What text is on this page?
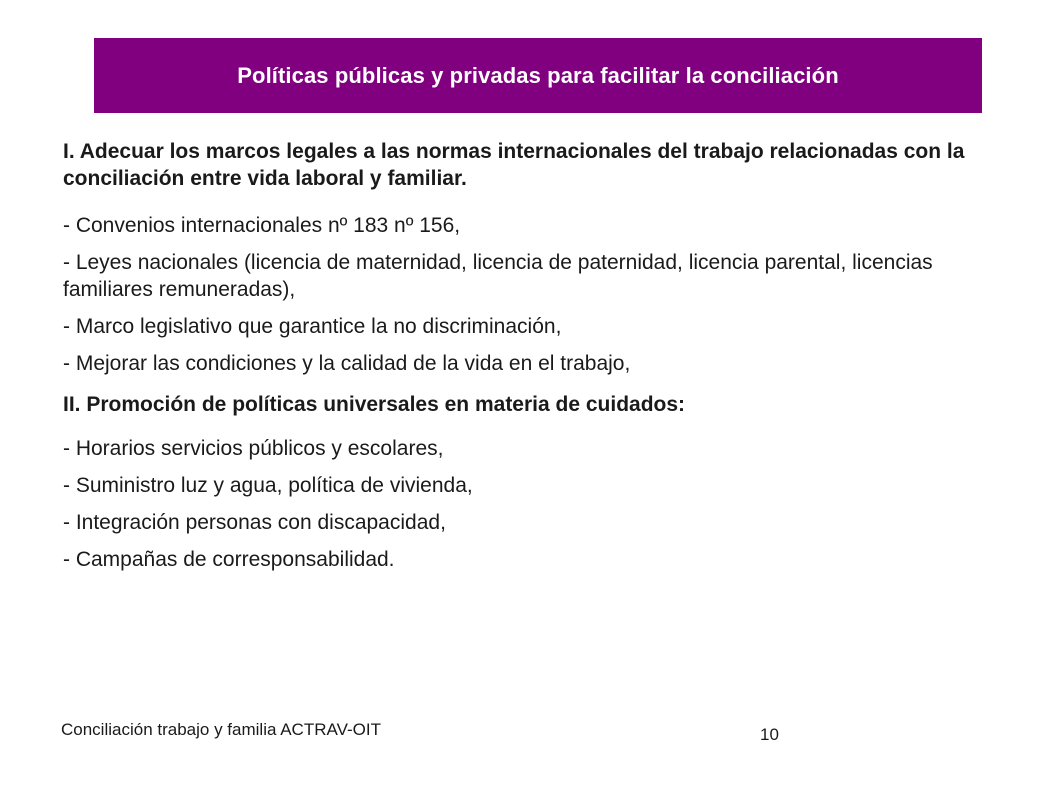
Políticas públicas y privadas para facilitar la conciliación

I. Adecuar los marcos legales a las normas internacionales del trabajo relacionadas con la conciliación entre vida laboral y familiar.

- Convenios internacionales nº 183 nº 156,

- Leyes nacionales (licencia de maternidad, licencia de paternidad, licencia parental, licencias familiares remuneradas),

- Marco legislativo que garantice la no discriminación,

- Mejorar las condiciones y la calidad de la vida en el trabajo,

II. Promoción de políticas universales en materia de cuidados:

- Horarios servicios públicos y escolares,

- Suministro luz y agua, política de vivienda,

- Integración personas con discapacidad,

- Campañas de corresponsabilidad.

Conciliación trabajo y familia ACTRAV-OIT	10
